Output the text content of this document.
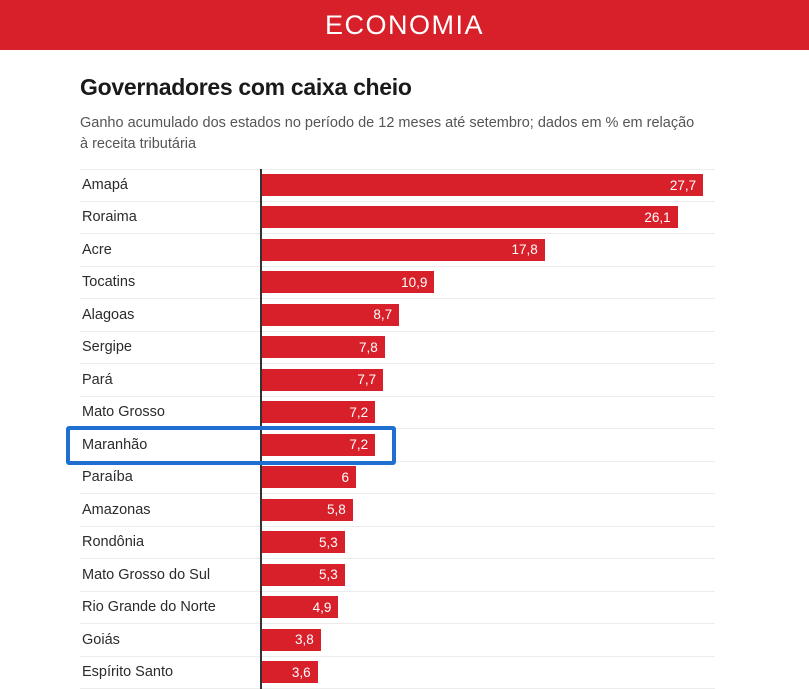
ECONOMIA
Governadores com caixa cheio
Ganho acumulado dos estados no período de 12 meses até setembro; dados em % em relação à receita tributária
Amapá	27,7
Roraima	26,1
Acre	17,8
Tocatins	10,9
Alagoas	8,7
Sergipe	7,8
Pará	7,7
Mato Grosso	7,2
Maranhão	7,2
Paraíba	6
Amazonas	5,8
Rondônia	5,3
Mato Grosso do Sul	5,3
Rio Grande do Norte	4,9
Goiás	3,8
Espírito Santo	3,6
